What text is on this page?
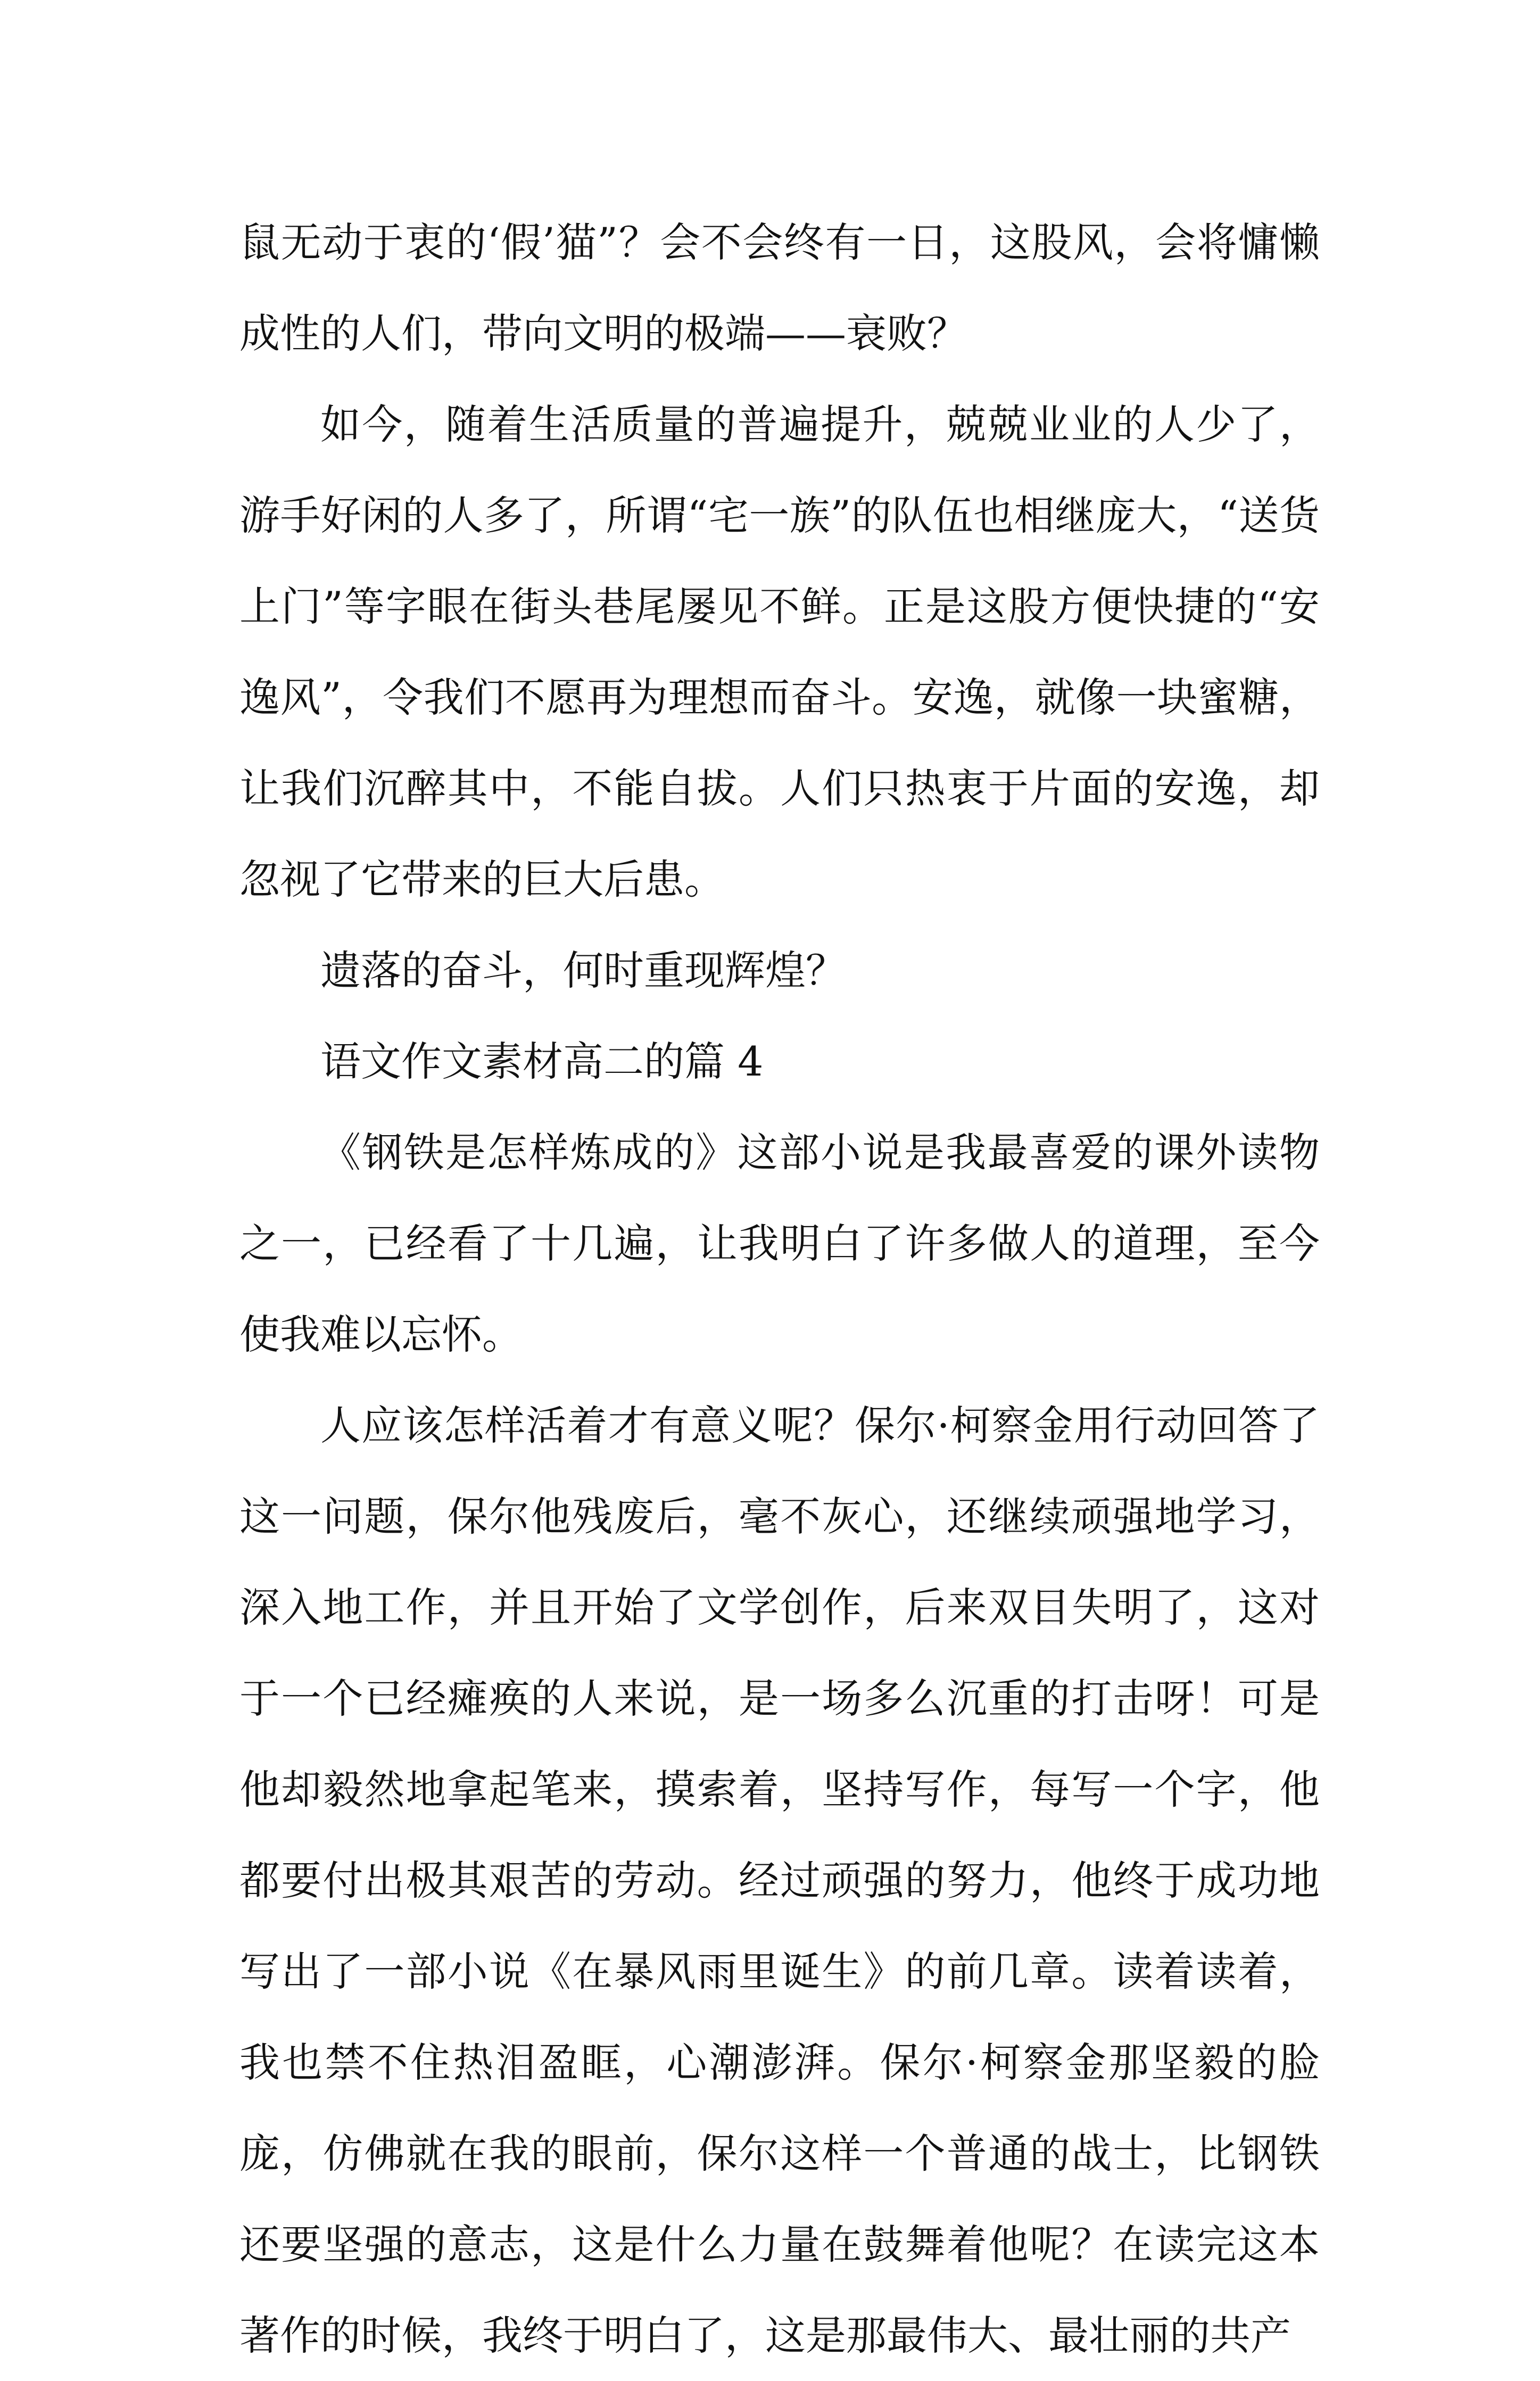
鼠无动于衷的‘假’猫”？会不会终有一日，这股风，会将慵懒成性的人们，带向文明的极端——衰败？

如今，随着生活质量的普遍提升，兢兢业业的人少了，游手好闲的人多了，所谓“宅一族”的队伍也相继庞大，“送货上门”等字眼在街头巷尾屡见不鲜。正是这股方便快捷的“安逸风”，令我们不愿再为理想而奋斗。安逸，就像一块蜜糖，让我们沉醉其中，不能自拔。人们只热衷于片面的安逸，却忽视了它带来的巨大后患。

遗落的奋斗，何时重现辉煌？

语文作文素材高二的篇 4

《钢铁是怎样炼成的》这部小说是我最喜爱的课外读物之一，已经看了十几遍，让我明白了许多做人的道理，至今使我难以忘怀。

人应该怎样活着才有意义呢？保尔·柯察金用行动回答了这一问题，保尔他残废后，毫不灰心，还继续顽强地学习，深入地工作，并且开始了文学创作，后来双目失明了，这对于一个已经瘫痪的人来说，是一场多么沉重的打击呀！可是他却毅然地拿起笔来，摸索着，坚持写作，每写一个字，他都要付出极其艰苦的劳动。经过顽强的努力，他终于成功地写出了一部小说《在暴风雨里诞生》的前几章。读着读着，我也禁不住热泪盈眶，心潮澎湃。保尔·柯察金那坚毅的脸庞，仿佛就在我的眼前，保尔这样一个普通的战士，比钢铁还要坚强的意志，这是什么力量在鼓舞着他呢？在读完这本著作的时候，我终于明白了，这是那最伟大、最壮丽的共产
